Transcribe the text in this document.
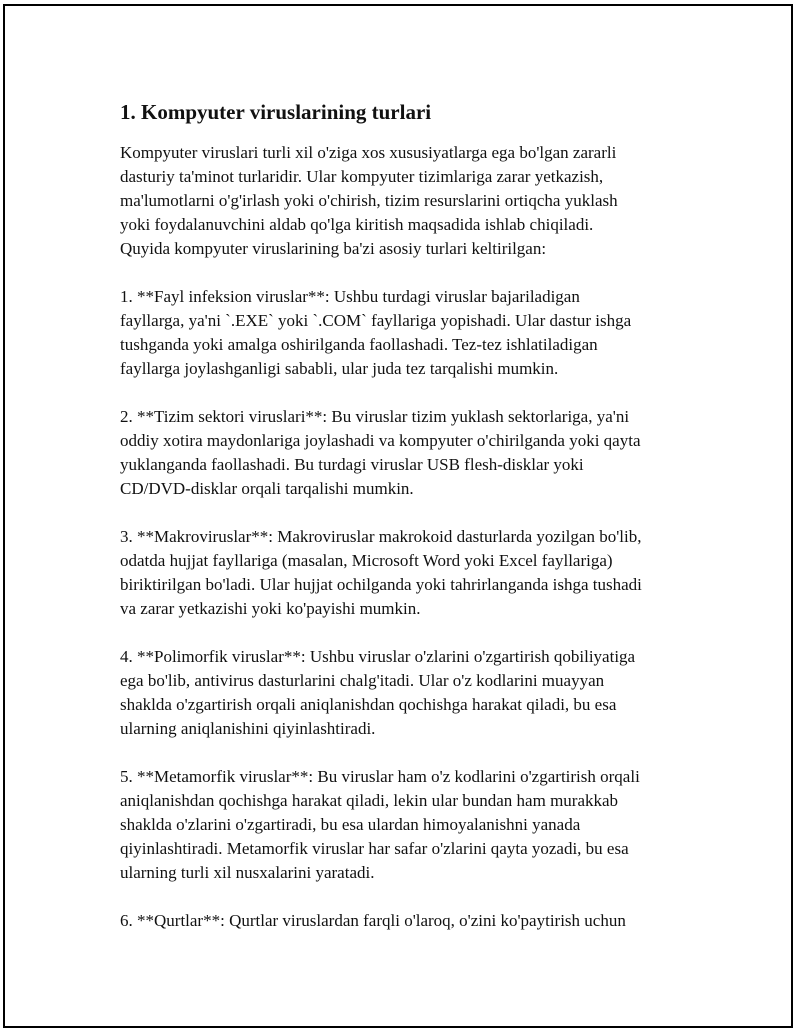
1. Kompyuter viruslarining turlari

Kompyuter viruslari turli xil o'ziga xos xususiyatlarga ega bo'lgan zararli
dasturiy ta'minot turlaridir. Ular kompyuter tizimlariga zarar yetkazish,
ma'lumotlarni o'g'irlash yoki o'chirish, tizim resurslarini ortiqcha yuklash
yoki foydalanuvchini aldab qo'lga kiritish maqsadida ishlab chiqiladi.
Quyida kompyuter viruslarining ba'zi asosiy turlari keltirilgan:

1. **Fayl infeksion viruslar**: Ushbu turdagi viruslar bajariladigan
fayllarga, ya'ni `.EXE` yoki `.COM` fayllariga yopishadi. Ular dastur ishga
tushganda yoki amalga oshirilganda faollashadi. Tez-tez ishlatiladigan
fayllarga joylashganligi sababli, ular juda tez tarqalishi mumkin.

2. **Tizim sektori viruslari**: Bu viruslar tizim yuklash sektorlariga, ya'ni
oddiy xotira maydonlariga joylashadi va kompyuter o'chirilganda yoki qayta
yuklanganda faollashadi. Bu turdagi viruslar USB flesh-disklar yoki
CD/DVD-disklar orqali tarqalishi mumkin.

3. **Makroviruslar**: Makroviruslar makrokoid dasturlarda yozilgan bo'lib,
odatda hujjat fayllariga (masalan, Microsoft Word yoki Excel fayllariga)
biriktirilgan bo'ladi. Ular hujjat ochilganda yoki tahrirlanganda ishga tushadi
va zarar yetkazishi yoki ko'payishi mumkin.

4. **Polimorfik viruslar**: Ushbu viruslar o'zlarini o'zgartirish qobiliyatiga
ega bo'lib, antivirus dasturlarini chalg'itadi. Ular o'z kodlarini muayyan
shaklda o'zgartirish orqali aniqlanishdan qochishga harakat qiladi, bu esa
ularning aniqlanishini qiyinlashtiradi.

5. **Metamorfik viruslar**: Bu viruslar ham o'z kodlarini o'zgartirish orqali
aniqlanishdan qochishga harakat qiladi, lekin ular bundan ham murakkab
shaklda o'zlarini o'zgartiradi, bu esa ulardan himoyalanishni yanada
qiyinlashtiradi. Metamorfik viruslar har safar o'zlarini qayta yozadi, bu esa
ularning turli xil nusxalarini yaratadi.

6. **Qurtlar**: Qurtlar viruslardan farqli o'laroq, o'zini ko'paytirish uchun
